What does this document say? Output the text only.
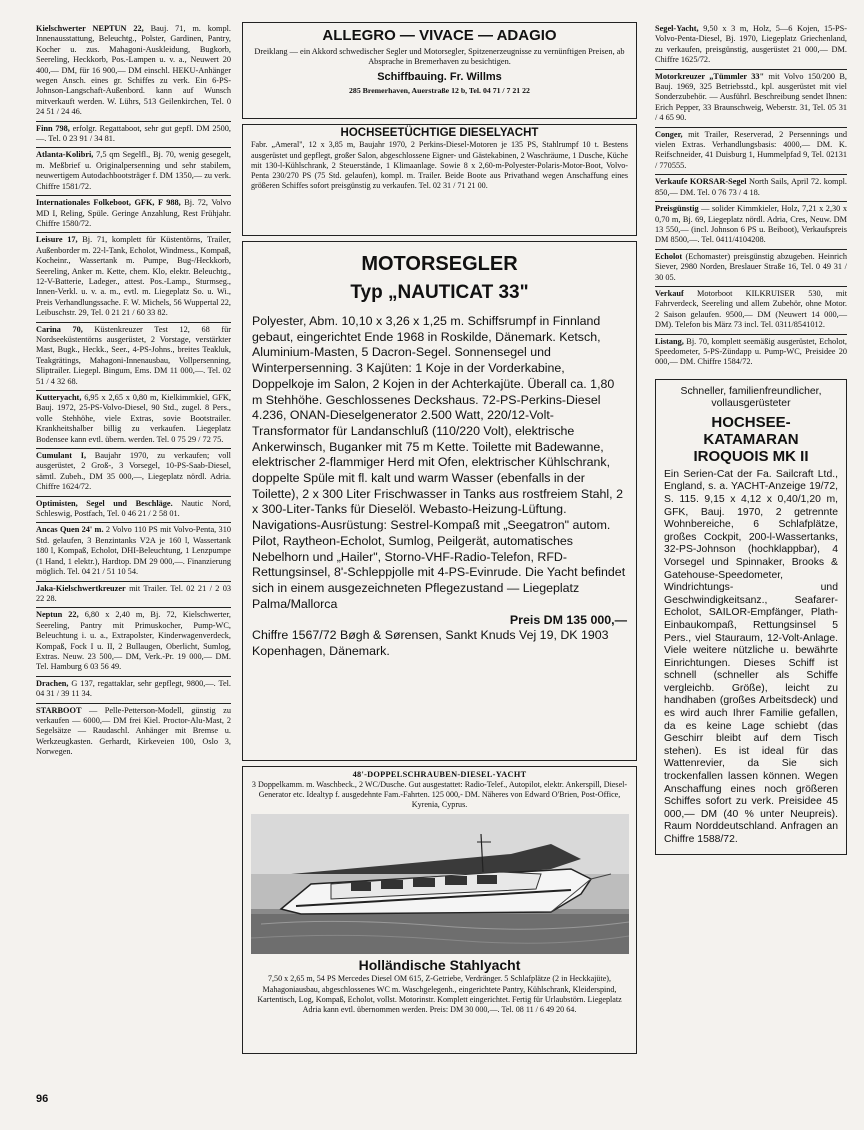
Kielschwerter NEPTUN 22, Bauj. 71, m. kompl. Innenausstattung, Beleuchtg., Polster, Gardinen, Pantry, Kocher u. zus. Mahagoni-Auskleidung, Bugkorb, Seereling, Heckkorb, Pos.-Lampen u. v. a., Neuwert 20 400,— DM, für 16 900,— DM einschl. HEKU-Anhänger wegen Ansch. eines gr. Schiffes zu verk. Ein 6-PS-Johnson-Langschaft-Außenbord. kann auf Wunsch mitverkauft werden. W. Lührs, 513 Geilenkirchen, Tel. 0 24 51 / 24 46.
Finn 798, erfolgr. Regattaboot, sehr gut gepfl. DM 2500,—. Tel. 0 23 91 / 34 81.
Atlanta-Kolibri, 7,5 qm Segelfl., Bj. 70, wenig gesegelt, m. Meßbrief u. Originalpersenning und sehr stabilem, neuwertigem Autodachbootsträger f. DM 1350,— zu verk. Chiffre 1581/72.
Internationales Folkeboot, GFK, F 988, Bj. 72, Volvo MD I, Reling, Spüle. Geringe Anzahlung, Rest Frühjahr. Chiffre 1580/72.
Leisure 17, Bj. 71, komplett für Küstentörns, Trailer, Außenborder m. 22-l-Tank, Echolot, Windmess., Kompaß, Kocheinr., Wassertank m. Pumpe, Bug-/Heckkorb, Seereling, Anker m. Kette, chem. Klo, elektr. Beleuchtg., 12-V-Batterie, Ladeger., attest. Pos.-Lamp., Sturmseg., Innen-Verkl. u. v. a. m., evtl. m. Liegeplatz So. u. Wi., Preis Verhandlungssache. F. W. Michels, 56 Wuppertal 22, Leibuschstr. 29, Tel. 0 21 21 / 60 33 82.
Carina 70, Küstenkreuzer Test 12, 68 für Nordseeküstentörns ausgerüstet, 2 Vorstage, verstärkter Mast, Bugk., Heckk., Seer., 4-PS-Johns., breites Teakluk, Teakgrätings, Mahagoni-Innenausbau, Vollpersenning, Sliptrailer. Liegepl. Bingum, Ems. DM 11 000,—. Tel. 02 51 / 4 32 68.
Kutteryacht, 6,95 x 2,65 x 0,80 m, Kielkimmkiel, GFK, Bauj. 1972, 25-PS-Volvo-Diesel, 90 Std., zugel. 8 Pers., volle Stehhöhe, viele Extras, sovie Bootstrailer. Krankheitshalber billig zu verkaufen. Liegeplatz Bodensee kann evtl. übern. werden. Tel. 0 75 29 / 72 75.
Cumulant I, Baujahr 1970, zu verkaufen; voll ausgerüstet, 2 Groß-, 3 Vorsegel, 10-PS-Saab-Diesel, sämtl. Zubeh., DM 35 000,—, Liegeplatz nördl. Adria. Chiffre 1624/72.
Optimisten, Segel und Beschläge. Nautic Nord, Schleswig, Postfach, Tel. 0 46 21 / 2 58 01.
Ancas Quen 24' m. 2 Volvo 110 PS mit Volvo-Penta, 310 Std. gelaufen, 3 Benzintanks V2A je 160 l, Wassertank 180 l, Kompaß, Echolot, DHI-Beleuchtung, 1 Lenzpumpe (1 Hand, 1 elektr.), Hardtop. DM 29 000,—. Finanzierung möglich. Tel. 04 21 / 51 10 54.
Jaka-Kielschwertkreuzer mit Trailer. Tel. 02 21 / 2 03 22 28.
Neptun 22, 6,80 x 2,40 m, Bj. 72, Kielschwerter, Seereling, Pantry mit Primuskocher, Pump-WC, Beleuchtung i. u. a., Extrapolster, Kinderwagenverdeck, Kompaß, Fock I u. II, 2 Bullaugen, Oberlicht, Sumlog, Extras. Neuw. 23 500,— DM, Verk.-Pr. 19 000,— DM. Tel. Hamburg 6 03 56 49.
Drachen, G 137, regattaklar, sehr gepflegt, 9800,—. Tel. 04 31 / 39 11 34.
STARBOOT — Pelle-Petterson-Modell, günstig zu verkaufen — 6000,— DM frei Kiel. Proctor-Alu-Mast, 2 Segelsätze — Raudaschl. Anhänger mit Bremse u. Werkzeugkasten. Gerhardt, Kirkeveien 100, Oslo 3, Norwegen.
ALLEGRO — VIVACE — ADAGIO
Dreiklang — ein Akkord schwedischer Segler und Motorsegler, Spitzenerzeugnisse zu vernünftigen Preisen, ab Absprache in Bremerhaven zu besichtigen.
Schiffbauing. Fr. Willms
285 Bremerhaven, Auerstraße 12 b, Tel. 04 71 / 7 21 22
HOCHSEETÜCHTIGE DIESELYACHT
Fabr. „Ameral", 12 x 3,85 m, Baujahr 1970, 2 Perkins-Diesel-Motoren je 135 PS, Stahlrumpf 10 t. Bestens ausgerüstet und gepflegt, großer Salon, abgeschlossene Eigner- und Gästekabinen, 2 Waschräume, 1 Dusche, Küche mit 130-l-Kühlschrank, 2 Steuerstände, 1 Klimaanlage. Sowie 8 x 2,60-m-Polyester-Polaris-Motor-Boot, Volvo-Penta 230/270 PS (75 Std. gelaufen), kompl. m. Trailer. Beide Boote aus Privathand wegen Anschaffung eines größeren Schiffes sofort preisgünstig zu verkaufen. Tel. 02 31 / 71 21 00.
MOTORSEGLER
Typ „NAUTICAT 33"
Polyester, Abm. 10,10 x 3,26 x 1,25 m. Schiffsrumpf in Finnland gebaut, eingerichtet Ende 1968 in Roskilde, Dänemark. Ketsch, Aluminium-Masten, 5 Dacron-Segel. Sonnensegel und Winterpersenning. 3 Kajüten: 1 Koje in der Vorderkabine, Doppelkoje im Salon, 2 Kojen in der Achterkajüte. Überall ca. 1,80 m Stehhöhe. Geschlossenes Deckshaus. 72-PS-Perkins-Diesel 4.236, ONAN-Dieselgenerator 2.500 Watt, 220/12-Volt-Transformator für Landanschluß (110/220 Volt), elektrische Ankerwinsch, Buganker mit 75 m Kette. Toilette mit Badewanne, elektrischer 2-flammiger Herd mit Ofen, elektrischer Kühlschrank, doppelte Spüle mit fl. kalt und warm Wasser (ebenfalls in der Toilette), 2 x 300 Liter Frischwasser in Tanks aus rostfreiem Stahl, 2 x 300-Liter-Tanks für Dieselöl. Webasto-Heizung-Lüftung. Navigations-Ausrüstung: Sestrel-Kompaß mit „Seegatron" autom. Pilot, Raytheon-Echolot, Sumlog, Peilgerät, automatisches Nebelhorn und „Hailer", Storno-VHF-Radio-Telefon, RFD-Rettungsinsel, 8'-Schleppjolle mit 4-PS-Evinrude. Die Yacht befindet sich in einem ausgezeichneten Pflegezustand — Liegeplatz Palma/Mallorca
Preis DM 135 000,—
Chiffre 1567/72 Bøgh & Sørensen, Sankt Knuds Vej 19, DK 1903 Kopenhagen, Dänemark.
48'-DOPPELSCHRAUBEN-DIESEL-YACHT
3 Doppelkamm. m. Waschbeck., 2 WC/Dusche. Gut ausgestattet: Radio-Telef., Autopilot, elektr. Ankerspill, Diesel-Generator etc. Idealtyp f. ausgedehnte Fam.-Fahrten. 125 000,- DM. Näheres von Edward O'Brien, Post-Office, Kyrenia, Cyprus.
Holländische Stahlyacht
7,50 x 2,65 m, 54 PS Mercedes Diesel OM 615, Z-Getriebe, Verdränger. 5 Schlafplätze (2 in Heckkajüte), Mahagoniausbau, abgeschlossenes WC m. Waschgelegenh., eingerichtete Pantry, Kühlschrank, Kleiderspind, Kartentisch, Log, Kompaß, Echolot, vollst. Motorinstr. Komplett eingerichtet. Fertig für Urlaubstörn. Liegeplatz Adria kann evtl. übernommen werden. Preis: DM 30 000,—. Tel. 08 11 / 6 49 20 64.
Segel-Yacht, 9,50 x 3 m, Holz, 5—6 Kojen, 15-PS-Volvo-Penta-Diesel, Bj. 1970, Liegeplatz Griechenland, zu verkaufen, preisgünstig, ausgerüstet 21 000,— DM. Chiffre 1625/72.
Motorkreuzer „Tümmler 33" mit Volvo 150/200 B, Bauj. 1969, 325 Betriebsstd., kpl. ausgerüstet mit viel Sonderzubehör. — Ausführl. Beschreibung sendet Ihnen: Erich Pepper, 33 Braunschweig, Weberstr. 31, Tel. 05 31 / 4 65 90.
Conger, mit Trailer, Reserverad, 2 Persennings und vielen Extras. Verhandlungsbasis: 4000,— DM. K. Reifschneider, 41 Duisburg 1, Hummelpfad 9, Tel. 02131 / 770555.
Verkaufe KORSAR-Segel North Sails, April 72. kompl. 850,— DM. Tel. 0 76 73 / 4 18.
Preisgünstig — solider Kimmkieler, Holz, 7,21 x 2,30 x 0,70 m, Bj. 69, Liegeplatz nördl. Adria, Cres, Neuw. DM 13 550,— (incl. Johnson 6 PS u. Beiboot), Verkaufspreis DM 8500,—. Tel. 0411/4104208.
Echolot (Echomaster) preisgünstig abzugeben. Heinrich Siever, 2980 Norden, Breslauer Straße 16, Tel. 0 49 31 / 30 05.
Verkauf Motorboot KILKRUISER 530, mit Fahrverdeck, Seereling und allem Zubehör, ohne Motor. 2 Saison gelaufen. 9500,— DM (Neuwert 14 000,— DM). Telefon bis März 73 incl. Tel. 0311/8541012.
Listang, Bj. 70, komplett seemäßig ausgerüstet, Echolot, Speedometer, 5-PS-Zündapp u. Pump-WC, Preisidee 20 000,— DM. Chiffre 1584/72.
Schneller, familienfreundlicher, vollausgerüsteter
HOCHSEE-KATAMARAN IROQUOIS MK II
Ein Serien-Cat der Fa. Sailcraft Ltd., England, s. a. YACHT-Anzeige 19/72, S. 115. 9,15 x 4,12 x 0,40/1,20 m, GFK, Bauj. 1970, 2 getrennte Wohnbereiche, 6 Schlafplätze, großes Cockpit, 200-l-Wassertanks, 32-PS-Johnson (hochklappbar), 4 Vorsegel und Spinnaker, Brooks & Gatehouse-Speedometer, Windrichtungs- und Geschwindigkeitsanz., Seafarer-Echolot, SAILOR-Empfänger, Plath-Einbaukompaß, Rettungsinsel 5 Pers., viel Stauraum, 12-Volt-Anlage. Viele weitere nützliche u. bewährte Einrichtungen. Dieses Schiff ist schnell (schneller als Schiffe vergleichb. Größe), leicht zu handhaben (großes Arbeitsdeck) und es wird auch Ihrer Familie gefallen, da es keine Lage schiebt (das Geschirr bleibt auf dem Tisch stehen). Es ist ideal für das Wattenrevier, da Sie sich trockenfallen lassen können. Wegen Anschaffung eines noch größeren Schiffes sofort zu verk. Preisidee 45 000,— DM (40 % unter Neupreis). Raum Norddeutschland. Anfragen an Chiffre 1588/72.
96
